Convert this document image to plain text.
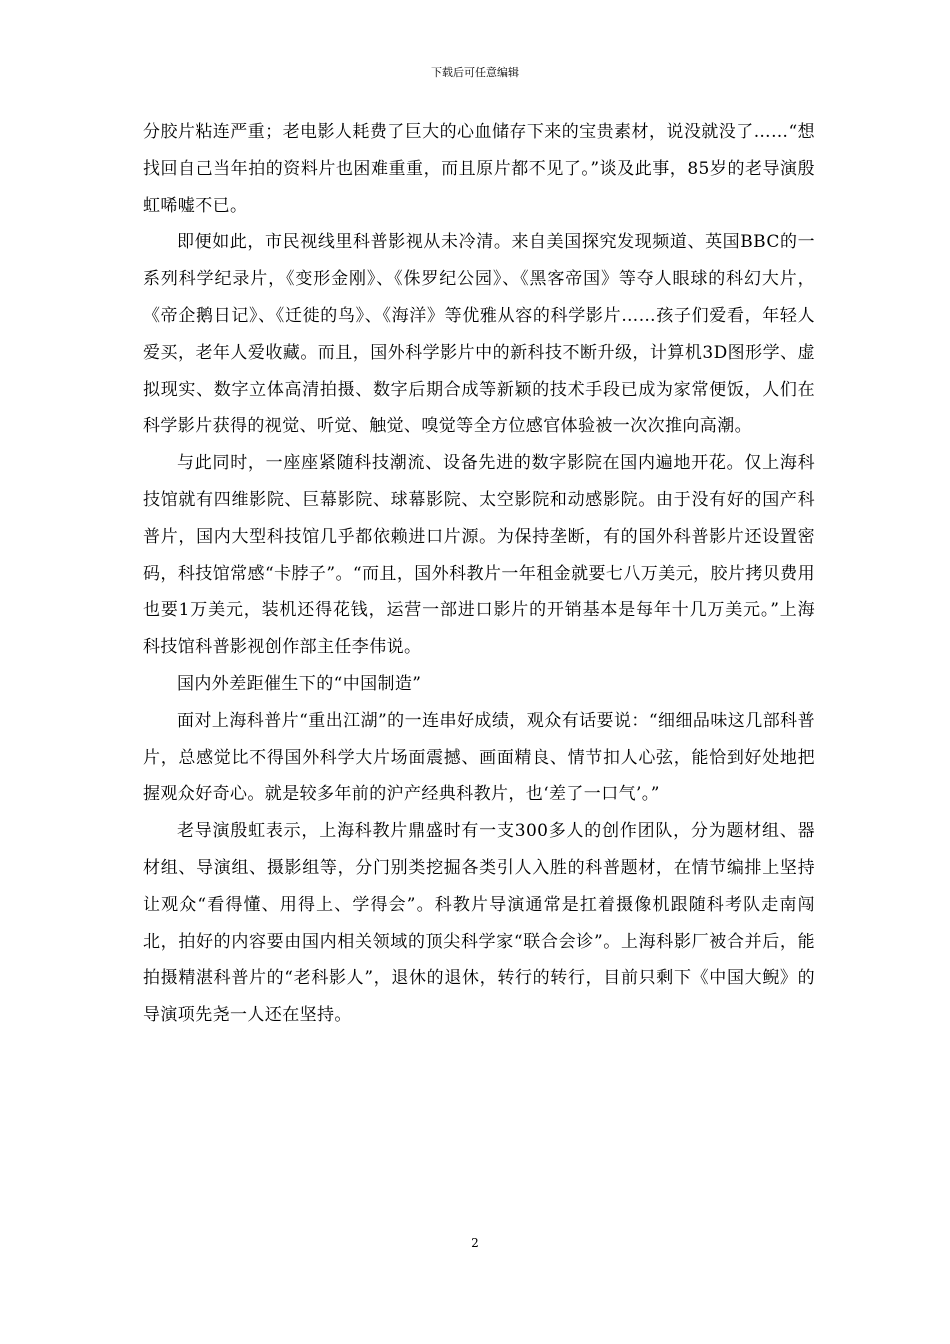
下载后可任意编辑

分胶片粘连严重；老电影人耗费了巨大的心血储存下来的宝贵素材，说没就没了……“想找回自己当年拍的资料片也困难重重，而且原片都不见了。”谈及此事，85岁的老导演殷虹唏嘘不已。

即便如此，市民视线里科普影视从未冷清。来自美国探究发现频道、英国BBC的一系列科学纪录片，《变形金刚》、《侏罗纪公园》、《黑客帝国》等夺人眼球的科幻大片，《帝企鹅日记》、《迁徙的鸟》、《海洋》等优雅从容的科学影片……孩子们爱看，年轻人爱买，老年人爱收藏。而且，国外科学影片中的新科技不断升级，计算机3D图形学、虚拟现实、数字立体高清拍摄、数字后期合成等新颖的技术手段已成为家常便饭，人们在科学影片获得的视觉、听觉、触觉、嗅觉等全方位感官体验被一次次推向高潮。

与此同时，一座座紧随科技潮流、设备先进的数字影院在国内遍地开花。仅上海科技馆就有四维影院、巨幕影院、球幕影院、太空影院和动感影院。由于没有好的国产科普片，国内大型科技馆几乎都依赖进口片源。为保持垄断，有的国外科普影片还设置密码，科技馆常感“卡脖子”。“而且，国外科教片一年租金就要七八万美元，胶片拷贝费用也要1万美元，装机还得花钱，运营一部进口影片的开销基本是每年十几万美元。”上海科技馆科普影视创作部主任李伟说。

国内外差距催生下的“中国制造”

面对上海科普片“重出江湖”的一连串好成绩，观众有话要说：“细细品味这几部科普片，总感觉比不得国外科学大片场面震撼、画面精良、情节扣人心弦，能恰到好处地把握观众好奇心。就是较多年前的沪产经典科教片，也‘差了一口气’。”

老导演殷虹表示，上海科教片鼎盛时有一支300多人的创作团队，分为题材组、器材组、导演组、摄影组等，分门别类挖掘各类引人入胜的科普题材，在情节编排上坚持让观众“看得懂、用得上、学得会”。科教片导演通常是扛着摄像机跟随科考队走南闯北，拍好的内容要由国内相关领域的顶尖科学家“联合会诊”。上海科影厂被合并后，能拍摄精湛科普片的“老科影人”，退休的退休，转行的转行，目前只剩下《中国大鲵》的导演项先尧一人还在坚持。

2
